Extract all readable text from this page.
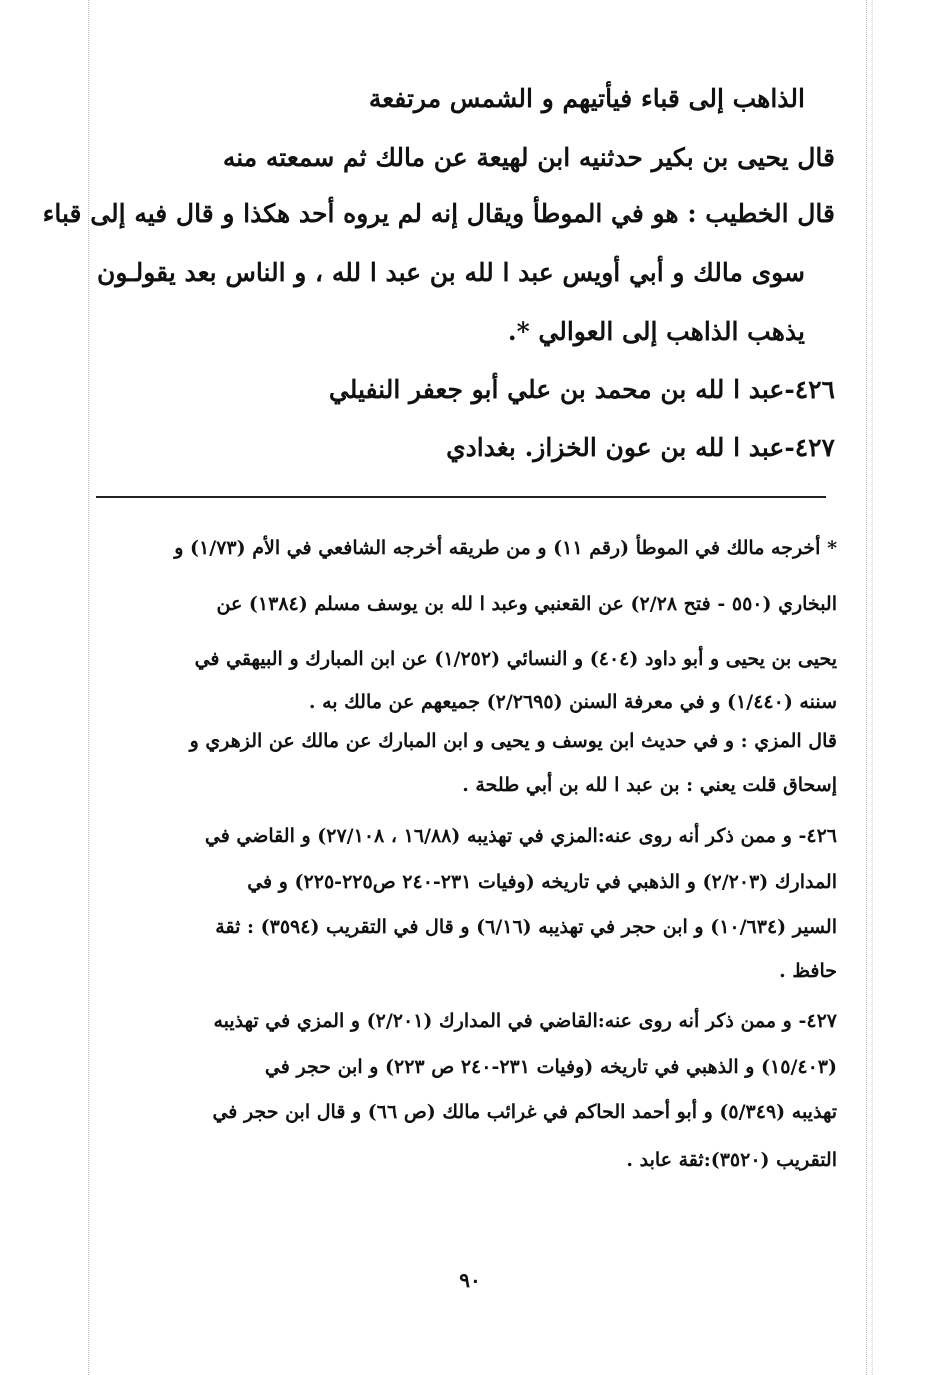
الذاهب إلى قباء فيأتيهم و الشمس مرتفعة

قال يحيى بن بكير حدثنيه ابن لهيعة عن مالك ثم سمعته منه

قال الخطيب : هو في الموطأ ويقال إنه لم يروه أحد هكذا و قال فيه إلى قباء

سوى مالك و أبي أويس عبد ا لله بن عبد ا لله ، و الناس بعد يقولـون

يذهب الذاهب إلى العوالي *.

٤٢٦-عبد ا لله بن محمد بن علي أبو جعفر النفيلي

٤٢٧-عبد ا لله بن عون الخزاز. بغدادي

* أخرجه مالك في الموطأ (رقم ١١) و من طريقه أخرجه الشافعي في الأم (١/٧٣) و

البخاري (٥٥٠ - فتح ٢/٢٨) عن القعنبي وعبد ا لله بن يوسف مسلم (١٣٨٤) عن

يحيى بن يحيى و أبو داود (٤٠٤) و النسائي (١/٢٥٢) عن ابن المبارك و البيهقي في

سننه (١/٤٤٠) و في معرفة السنن (٢/٢٦٩٥) جميعهم عن مالك به .

قال المزي : و في حديث ابن يوسف و يحيى و ابن المبارك عن مالك عن الزهري و

إسحاق قلت يعني : بن عبد ا لله بن أبي طلحة .

٤٢٦- و ممن ذكر أنه روى عنه:المزي في تهذيبه (١٦/٨٨ ، ٢٧/١٠٨) و القاضي في

المدارك (٢/٢٠٣) و الذهبي في تاريخه (وفيات ٢٣١-٢٤٠ ص٢٢٥-٢٢٥) و في

السير (١٠/٦٣٤) و ابن حجر في تهذيبه (٦/١٦) و قال في التقريب (٣٥٩٤) : ثقة

حافظ .

٤٢٧- و ممن ذكر أنه روى عنه:القاضي في المدارك (٢/٢٠١) و المزي في تهذيبه

(١٥/٤٠٣) و الذهبي في تاريخه (وفيات ٢٣١-٢٤٠ ص ٢٢٣) و ابن حجر في

تهذيبه (٥/٣٤٩) و أبو أحمد الحاكم في غرائب مالك (ص ٦٦) و قال ابن حجر في

التقريب (٣٥٢٠):ثقة عابد .

٩٠
